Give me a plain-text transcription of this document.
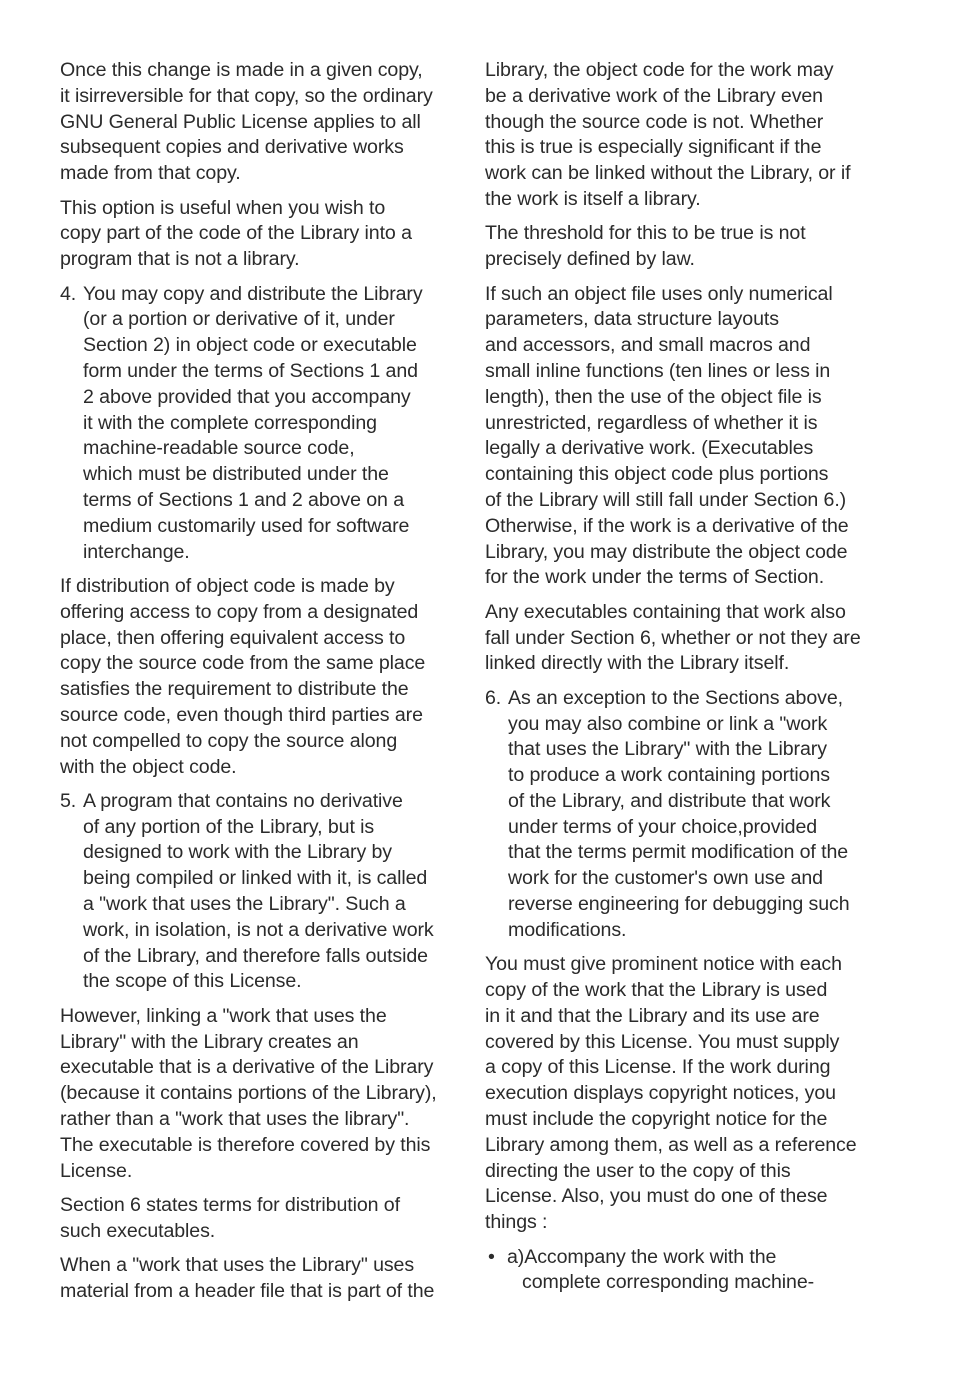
Once this change is made in a given copy,
it isirreversible for that copy, so the ordinary
GNU General Public License applies to all
subsequent copies and derivative works
made from that copy.

This option is useful when you wish to
copy part of the code of the Library into a
program that is not a library.

4. You may copy and distribute the Library
(or a portion or derivative of it, under
Section 2) in object code or executable
form under the terms of Sections 1 and
2 above provided that you accompany
it with the complete corresponding
machine-readable source code,
which must be distributed under the
terms of Sections 1 and 2 above on a
medium customarily used for software
interchange.

If distribution of object code is made by
offering access to copy from a designated
place, then offering equivalent access to
copy the source code from the same place
satisfies the requirement to distribute the
source code, even though third parties are
not compelled to copy the source along
with the object code.

5. A program that contains no derivative
of any portion of the Library, but is
designed to work with the Library by
being compiled or linked with it, is called
a "work that uses the Library". Such a
work, in isolation, is not a derivative work
of the Library, and therefore falls outside
the scope of this License.

However, linking a "work that uses the
Library" with the Library creates an
executable that is a derivative of the Library
(because it contains portions of the Library),
rather than a "work that uses the library".
The executable is therefore covered by this
License.

Section 6 states terms for distribution of
such executables.

When a "work that uses the Library" uses
material from a header file that is part of the

Library, the object code for the work may
be a derivative work of the Library even
though the source code is not. Whether
this is true is especially significant if the
work can be linked without the Library, or if
the work is itself a library.

The threshold for this to be true is not
precisely defined by law.

If such an object file uses only numerical
parameters, data structure layouts
and accessors, and small macros and
small inline functions (ten lines or less in
length), then the use of the object file is
unrestricted, regardless of whether it is
legally a derivative work. (Executables
containing this object code plus portions
of the Library will still fall under Section 6.)
Otherwise, if the work is a derivative of the
Library, you may distribute the object code
for the work under the terms of Section.

Any executables containing that work also
fall under Section 6, whether or not they are
linked directly with the Library itself.

6. As an exception to the Sections above,
you may also combine or link a "work
that uses the Library" with the Library
to produce a work containing portions
of the Library, and distribute that work
under terms of your choice,provided
that the terms permit modification of the
work for the customer's own use and
reverse engineering for debugging such
modifications.

You must give prominent notice with each
copy of the work that the Library is used
in it and that the Library and its use are
covered by this License. You must supply
a copy of this License. If the work during
execution displays copyright notices, you
must include the copyright notice for the
Library among them, as well as a reference
directing the user to the copy of this
License. Also, you must do one of these
things :

• a)Accompany the work with the
complete corresponding machine-
